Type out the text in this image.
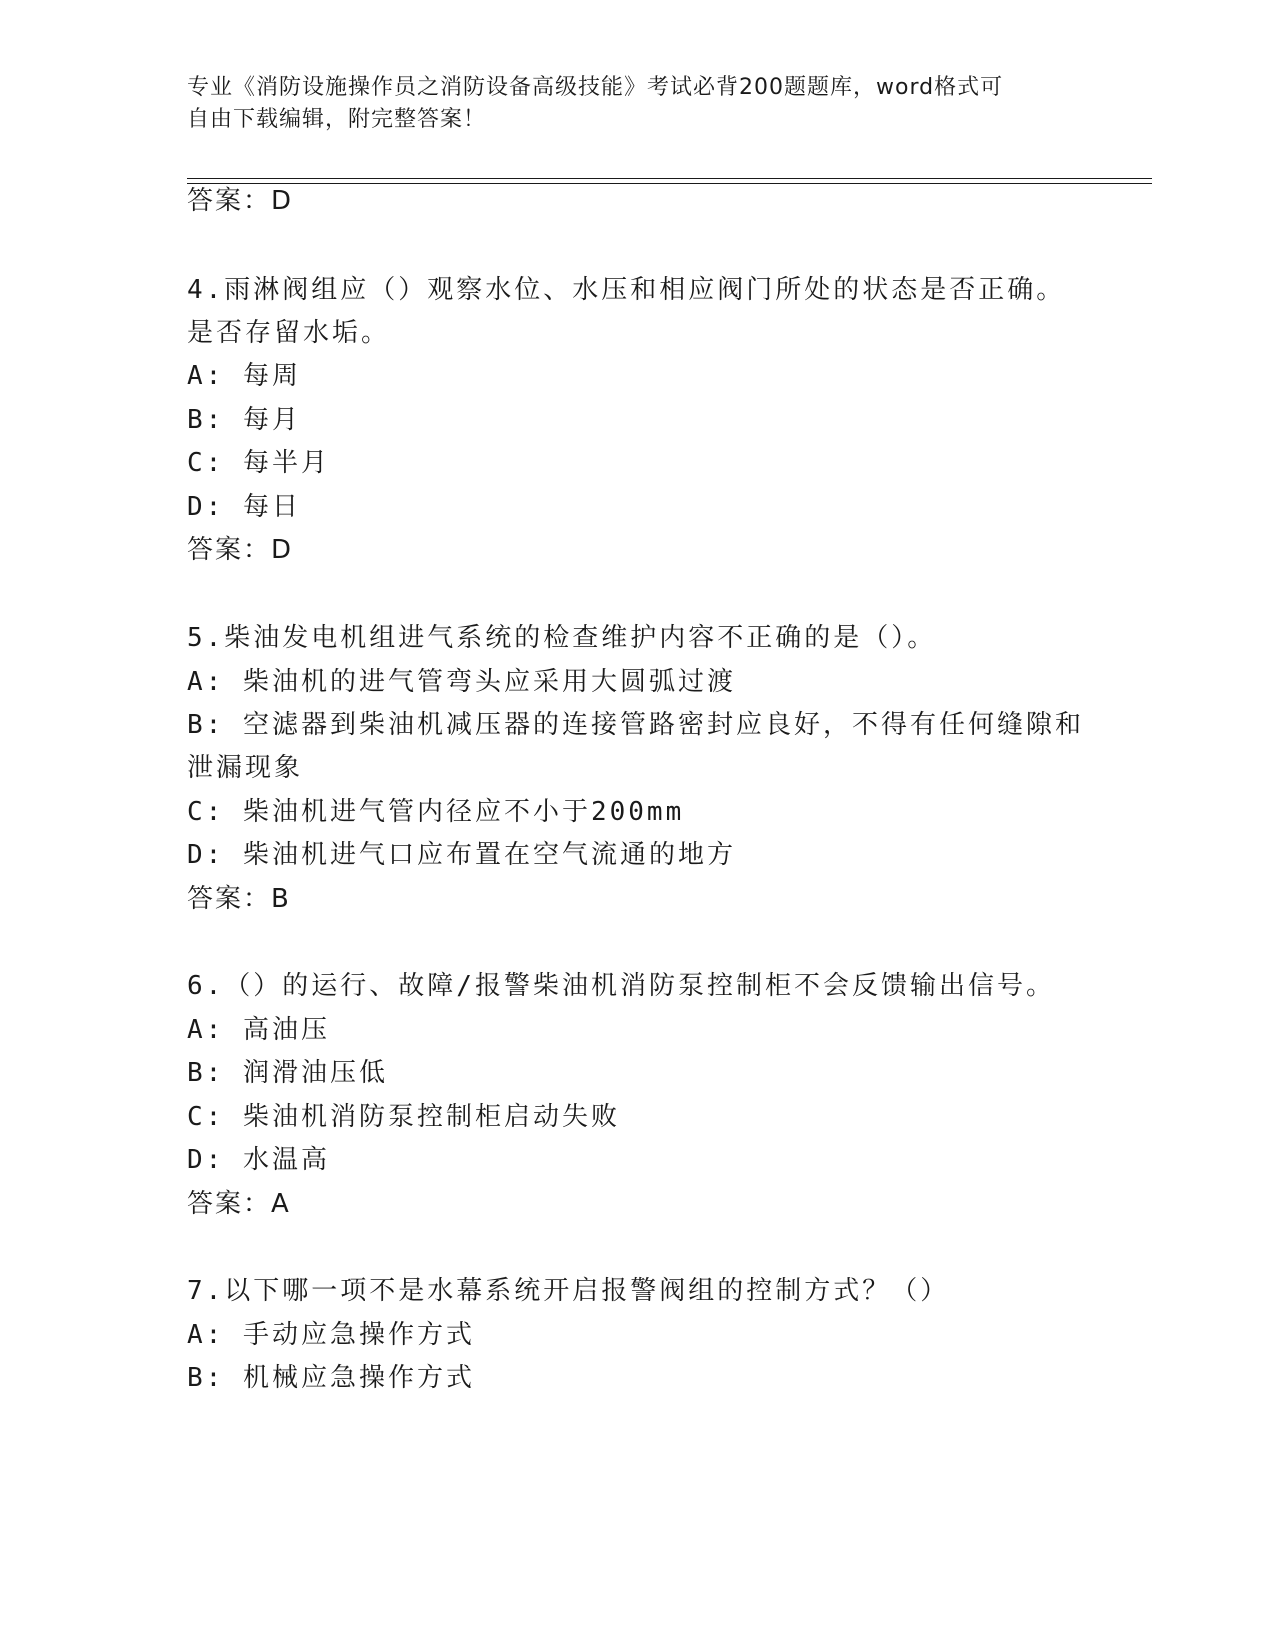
专业《消防设施操作员之消防设备高级技能》考试必背200题题库，word格式可
自由下载编辑，附完整答案！
答案：D
4.雨淋阀组应（）观察水位、水压和相应阀门所处的状态是否正确。
是否存留水垢。
A: 每周
B: 每月
C: 每半月
D: 每日
答案：D
5.柴油发电机组进气系统的检查维护内容不正确的是（）。
A: 柴油机的进气管弯头应采用大圆弧过渡
B: 空滤器到柴油机减压器的连接管路密封应良好，不得有任何缝隙和
泄漏现象
C: 柴油机进气管内径应不小于200mm
D: 柴油机进气口应布置在空气流通的地方
答案：B
6.（）的运行、故障/报警柴油机消防泵控制柜不会反馈输出信号。
A: 高油压
B: 润滑油压低
C: 柴油机消防泵控制柜启动失败
D: 水温高
答案：A
7.以下哪一项不是水幕系统开启报警阀组的控制方式？（）
A: 手动应急操作方式
B: 机械应急操作方式
